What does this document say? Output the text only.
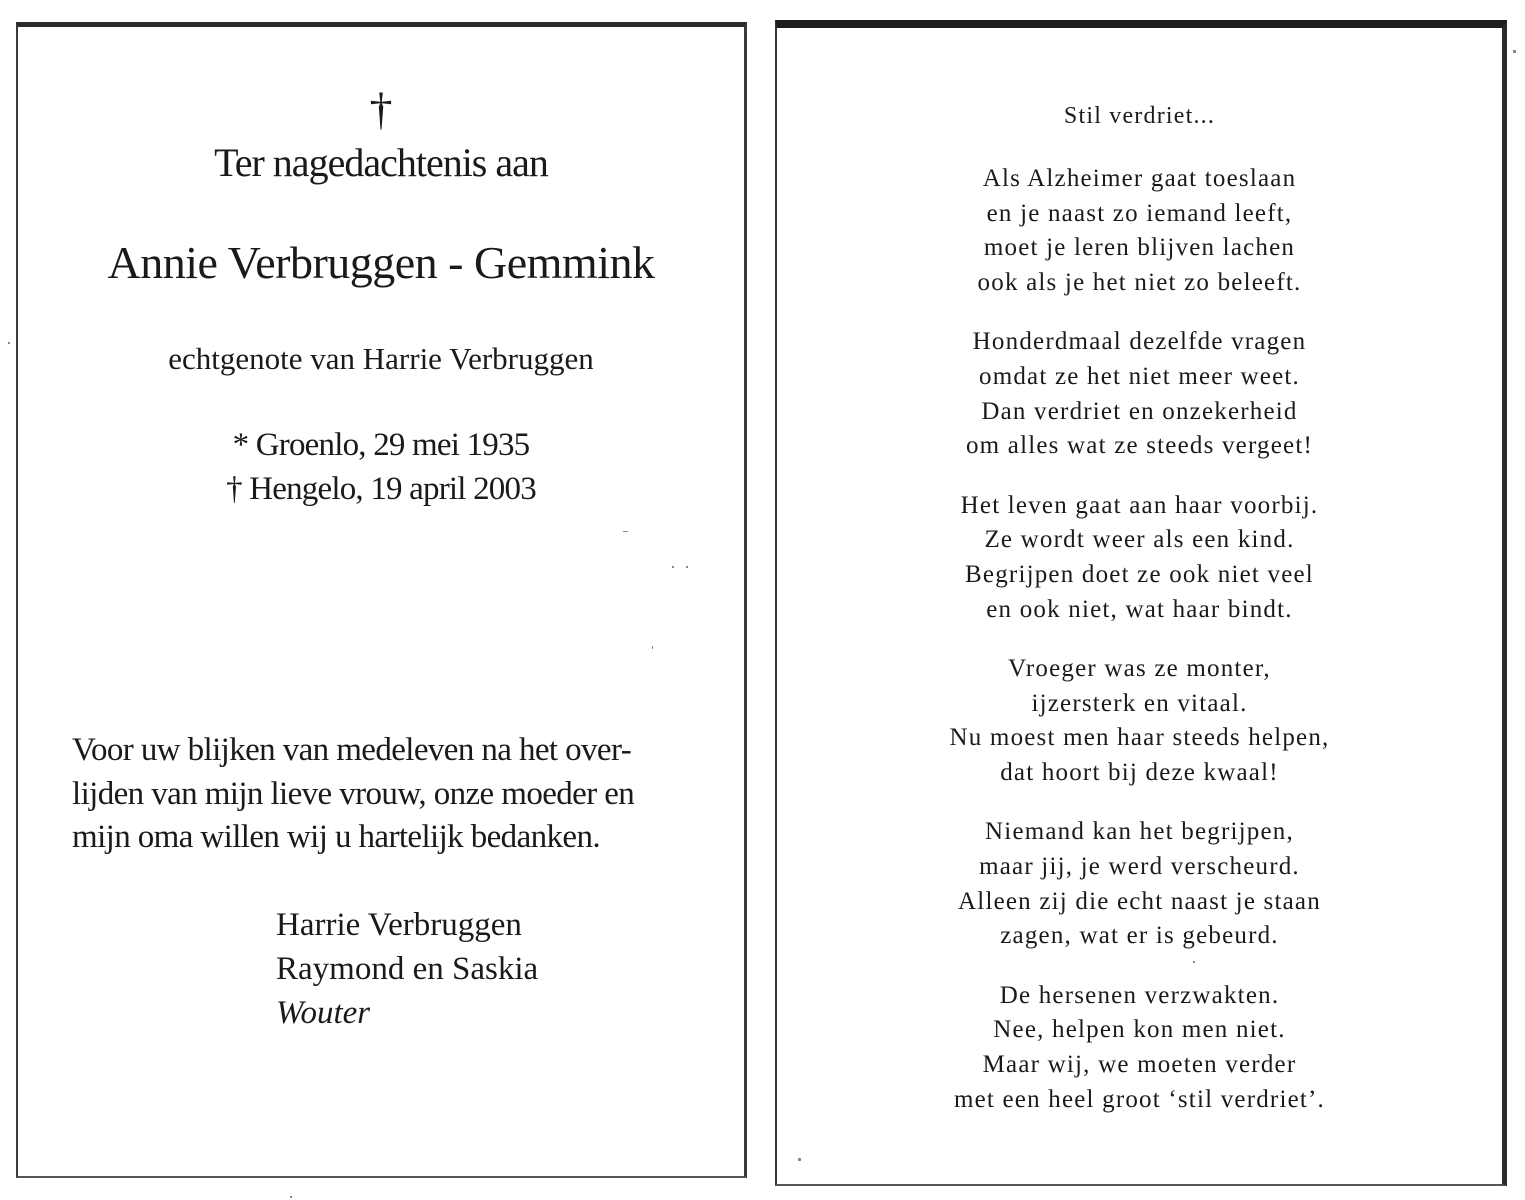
†
Ter nagedachtenis aan
Annie Verbruggen - Gemmink
echtgenote van Harrie Verbruggen
* Groenlo, 29 mei 1935
† Hengelo, 19 april 2003
Voor uw blijken van medeleven na het over-
lijden van mijn lieve vrouw, onze moeder en
mijn oma willen wij u hartelijk bedanken.
Harrie Verbruggen
Raymond en Saskia
Wouter
Stil verdriet...
Als Alzheimer gaat toeslaan
en je naast zo iemand leeft,
moet je leren blijven lachen
ook als je het niet zo beleeft.
Honderdmaal dezelfde vragen
omdat ze het niet meer weet.
Dan verdriet en onzekerheid
om alles wat ze steeds vergeet!
Het leven gaat aan haar voorbij.
Ze wordt weer als een kind.
Begrijpen doet ze ook niet veel
en ook niet, wat haar bindt.
Vroeger was ze monter,
ijzersterk en vitaal.
Nu moest men haar steeds helpen,
dat hoort bij deze kwaal!
Niemand kan het begrijpen,
maar jij, je werd verscheurd.
Alleen zij die echt naast je staan
zagen, wat er is gebeurd.
De hersenen verzwakten.
Nee, helpen kon men niet.
Maar wij, we moeten verder
met een heel groot ‘stil verdriet’.
